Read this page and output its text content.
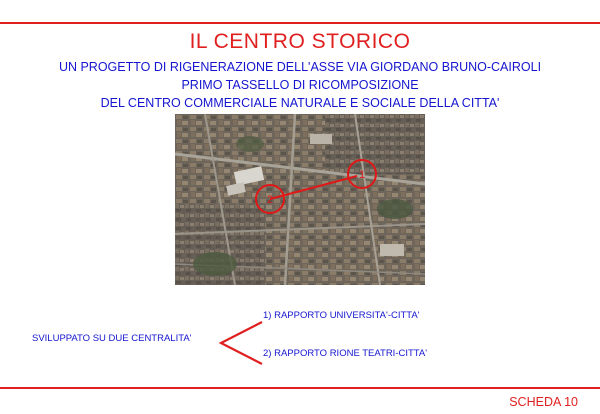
IL CENTRO STORICO
UN PROGETTO DI RIGENERAZIONE DELL'ASSE VIA GIORDANO BRUNO-CAIROLI
PRIMO TASSELLO DI RICOMPOSIZIONE
DEL CENTRO COMMERCIALE NATURALE E SOCIALE DELLA CITTA'
2
1
SVILUPPATO SU DUE CENTRALITA'
1) RAPPORTO UNIVERSITA'-CITTA'
2) RAPPORTO RIONE TEATRI-CITTA'
SCHEDA 10
